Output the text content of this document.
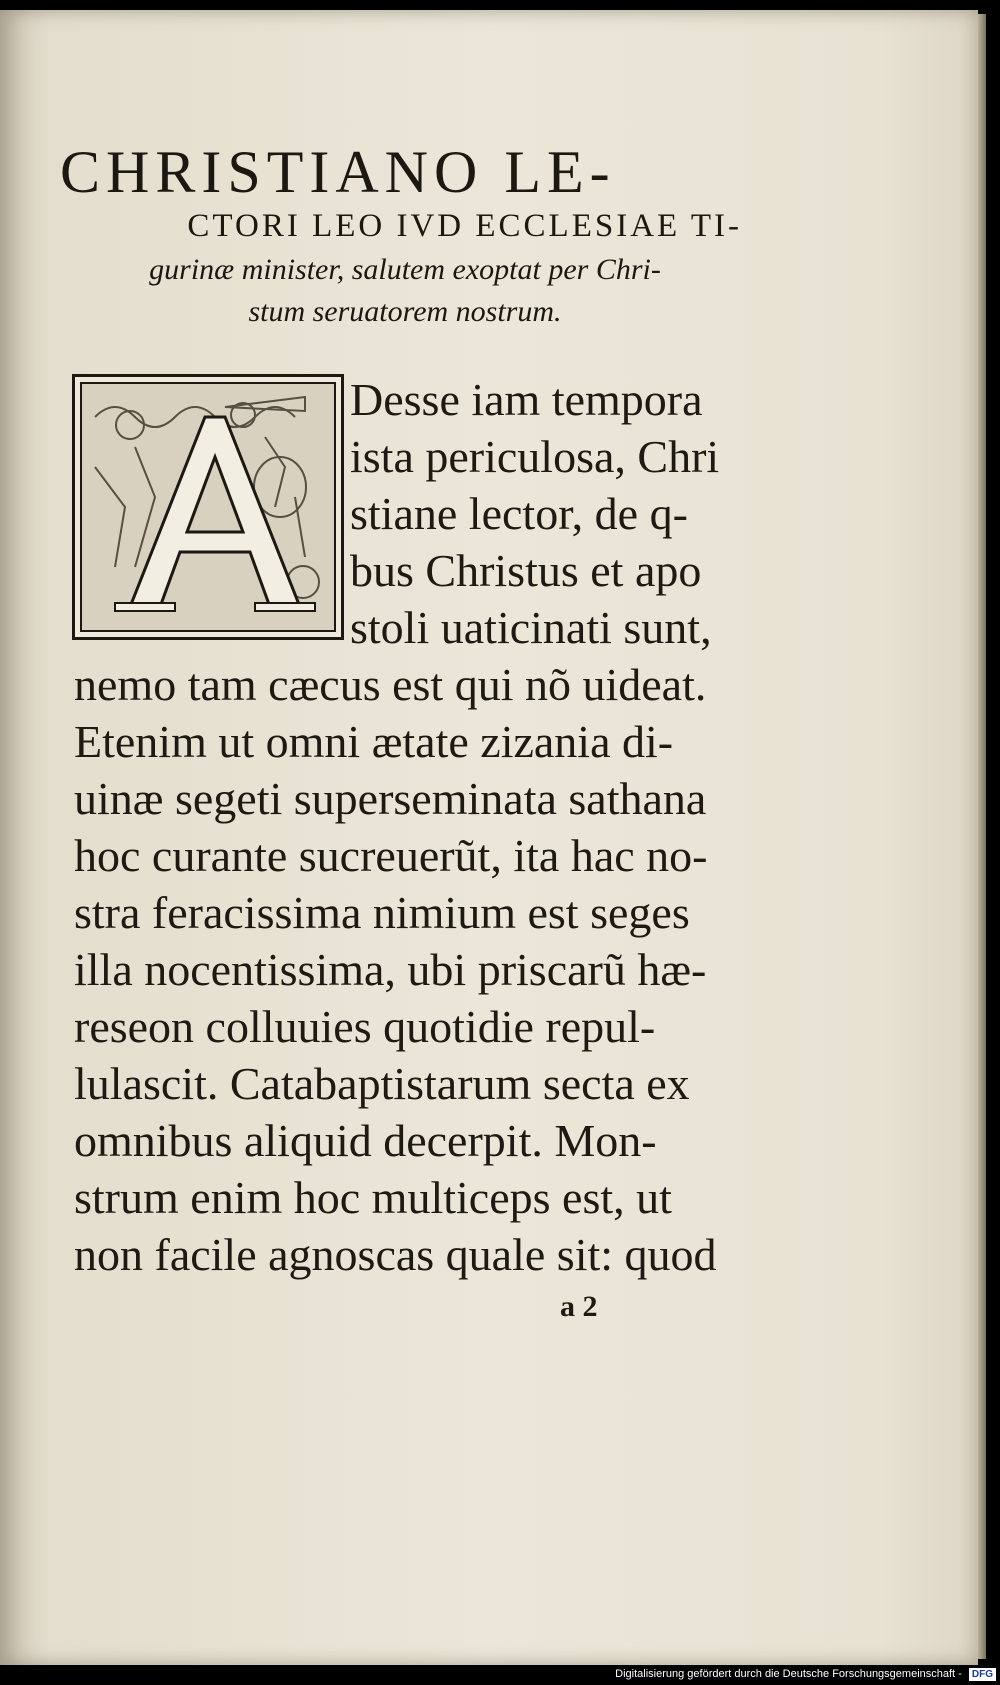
CHRISTIANO LE-
CTORI LEO IVD ECCLESIAE TI-
gurinæ minister, salutem exoptat per Chri-
stum seruatorem nostrum.
Desse iam tempora
ista periculosa, Chri
stiane lector, de q-
bus Christus et apo
stoli uaticinati sunt,
nemo tam cæcus est qui nõ uideat.
Etenim ut omni ætate zizania di-
uinæ segeti superseminata sathana
hoc curante sucreuerũt, ita hac no-
stra feracissima nimium est seges
illa nocentissima, ubi priscarũ hæ-
reseon colluuies quotidie repul-
lulascit. Catabaptistarum secta ex
omnibus aliquid decerpit. Mon-
strum enim hoc multiceps est, ut
non facile agnoscas quale sit: quod
a 2
Digitalisierung gefördert durch die Deutsche Forschungsgemeinschaft - DFG
